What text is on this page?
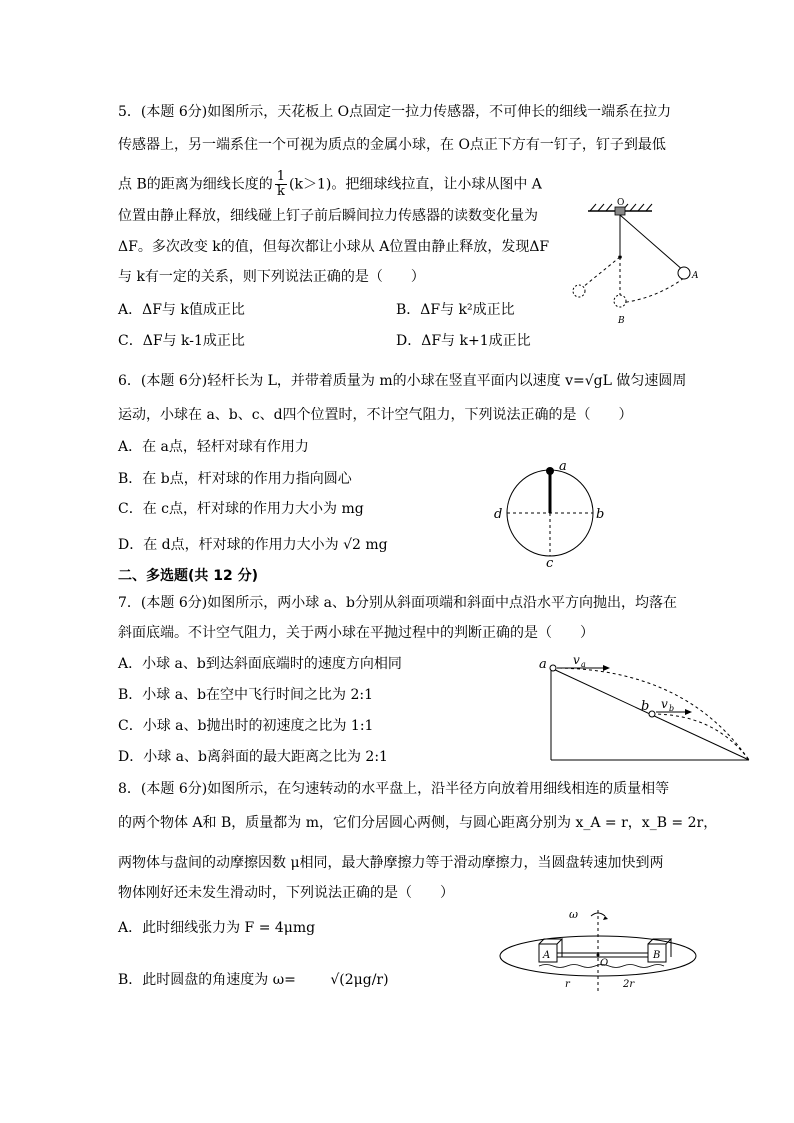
5．(本题 6分)如图所示，天花板上 O点固定一拉力传感器，不可伸长的细线一端系在拉力
传感器上，另一端系住一个可视为质点的金属小球，在 O点正下方有一钉子，钉子到最低
点 B的距离为细线长度的 $\frac{1}{k} (k>1)$。把细球线拉直，让小球从图中 A
位置由静止释放，细线碰上钉子前后瞬间拉力传感器的读数变化量为
ΔF。多次改变 k的值，但每次都让小球从 A位置由静止释放，发现ΔF
与 k有一定的关系，则下列说法正确的是（　　）
A．ΔF与 k值成正比	B．ΔF与 k²成正比
C．ΔF与 k-1成正比	D．ΔF与 k+1成正比
O
A
B
6．(本题 6分)轻杆长为 L，并带着质量为 m的小球在竖直平面内以速度 v=√gL 做匀速圆周
运动，小球在 a、b、c、d四个位置时，不计空气阻力，下列说法正确的是（　　）
A．在 a点，轻杆对球有作用力
B．在 b点，杆对球的作用力指向圆心
C．在 c点，杆对球的作用力大小为 mg
D．在 d点，杆对球的作用力大小为 √2 mg
a
b
c
d
二、多选题(共 12 分)
7．(本题 6分)如图所示，两小球 a、b分别从斜面项端和斜面中点沿水平方向抛出，均落在
斜面底端。不计空气阻力，关于两小球在平抛过程中的判断正确的是（　　）
A．小球 a、b到达斜面底端时的速度方向相同
B．小球 a、b在空中飞行时间之比为 2:1
C．小球 a、b抛出时的初速度之比为 1:1
D．小球 a、b离斜面的最大距离之比为 2:1
a
b
v a
v b
8．(本题 6分)如图所示，在匀速转动的水平盘上，沿半径方向放着用细线相连的质量相等
的两个物体 A和 B，质量都为 m，它们分居圆心两侧，与圆心距离分别为 x_A = r，x_B = 2r，
两物体与盘间的动摩擦因数 μ相同，最大静摩擦力等于滑动摩擦力，当圆盘转速加快到两
物体刚好还未发生滑动时，下列说法正确的是（　　）
A．此时细线张力为 F = 4μmg
B．此时圆盘的角速度为 ω= √(2μg/r)
ω
A	B
O
r	2r
